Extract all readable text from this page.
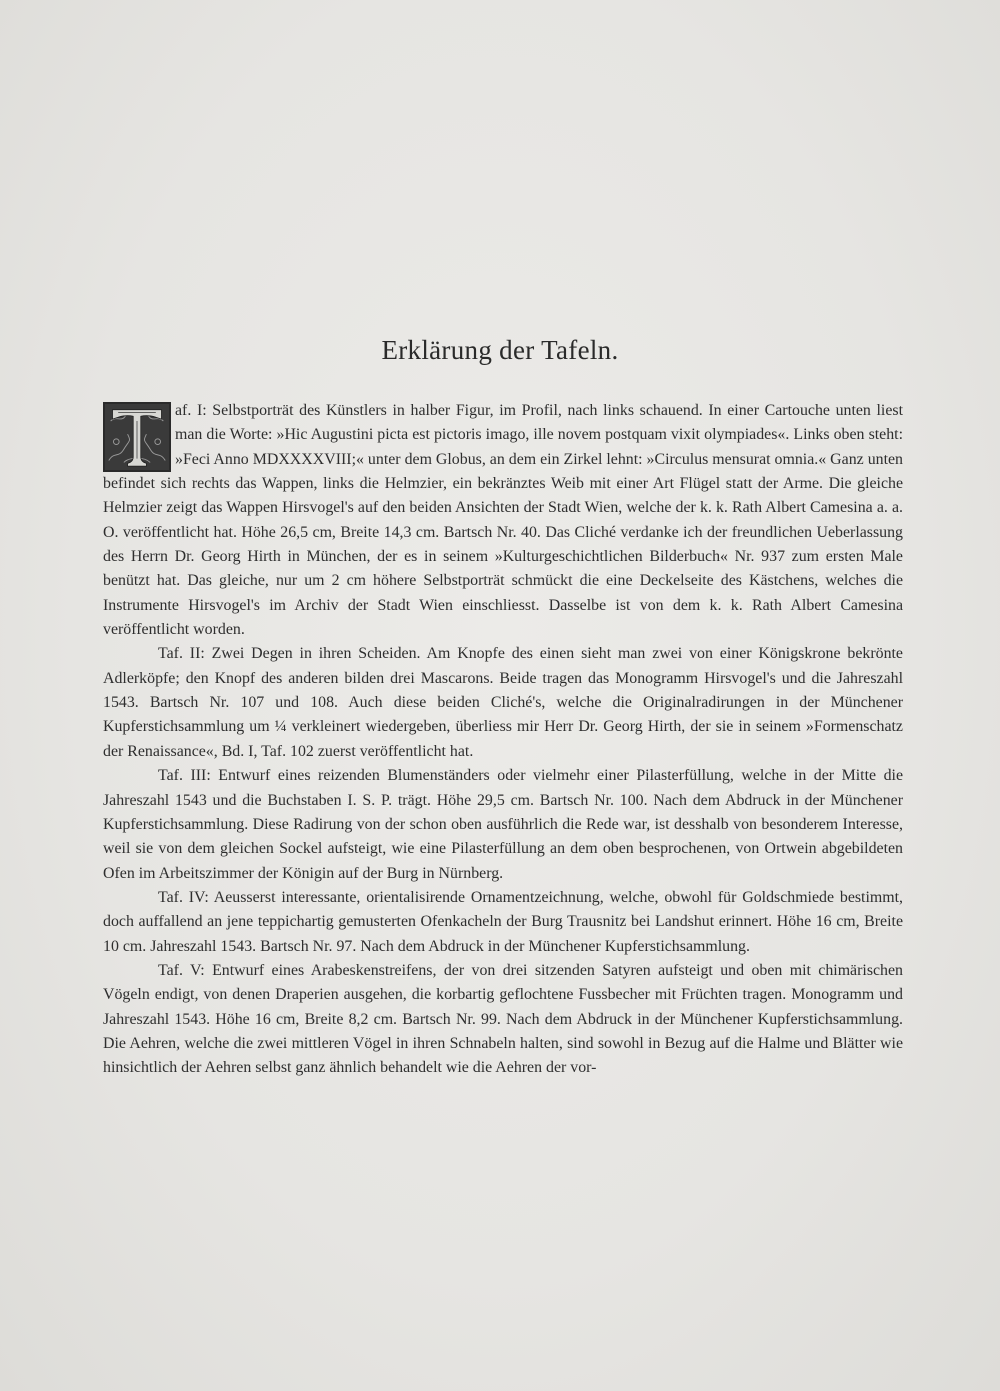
Erklärung der Tafeln.

af. I: Selbstporträt des Künstlers in halber Figur, im Profil, nach links schauend. In einer Cartouche unten liest man die Worte: »Hic Augustini picta est pictoris imago, ille novem postquam vixit olympiades«. Links oben steht: »Feci Anno MDXXXXVIII;« unter dem Globus, an dem ein Zirkel lehnt: »Circulus mensurat omnia.« Ganz unten befindet sich rechts das Wappen, links die Helmzier, ein bekränztes Weib mit einer Art Flügel statt der Arme. Die gleiche Helmzier zeigt das Wappen Hirsvogel's auf den beiden Ansichten der Stadt Wien, welche der k. k. Rath Albert Camesina a. a. O. veröffentlicht hat. Höhe 26,5 cm, Breite 14,3 cm. Bartsch Nr. 40. Das Cliché verdanke ich der freundlichen Ueberlassung des Herrn Dr. Georg Hirth in München, der es in seinem »Kulturgeschichtlichen Bilderbuch« Nr. 937 zum ersten Male benützt hat. Das gleiche, nur um 2 cm höhere Selbstporträt schmückt die eine Deckelseite des Kästchens, welches die Instrumente Hirsvogel's im Archiv der Stadt Wien einschliesst. Dasselbe ist von dem k. k. Rath Albert Camesina veröffentlicht worden.

Taf. II: Zwei Degen in ihren Scheiden. Am Knopfe des einen sieht man zwei von einer Königskrone bekrönte Adlerköpfe; den Knopf des anderen bilden drei Mascarons. Beide tragen das Monogramm Hirsvogel's und die Jahreszahl 1543. Bartsch Nr. 107 und 108. Auch diese beiden Cliché's, welche die Originalradirungen in der Münchener Kupferstichsammlung um ¼ verkleinert wiedergeben, überliess mir Herr Dr. Georg Hirth, der sie in seinem »Formenschatz der Renaissance«, Bd. I, Taf. 102 zuerst veröffentlicht hat.

Taf. III: Entwurf eines reizenden Blumenständers oder vielmehr einer Pilasterfüllung, welche in der Mitte die Jahreszahl 1543 und die Buchstaben I. S. P. trägt. Höhe 29,5 cm. Bartsch Nr. 100. Nach dem Abdruck in der Münchener Kupferstichsammlung. Diese Radirung von der schon oben ausführlich die Rede war, ist desshalb von besonderem Interesse, weil sie von dem gleichen Sockel aufsteigt, wie eine Pilasterfüllung an dem oben besprochenen, von Ortwein abgebildeten Ofen im Arbeitszimmer der Königin auf der Burg in Nürnberg.

Taf. IV: Aeusserst interessante, orientalisirende Ornamentzeichnung, welche, obwohl für Goldschmiede bestimmt, doch auffallend an jene teppichartig gemusterten Ofenkacheln der Burg Trausnitz bei Landshut erinnert. Höhe 16 cm, Breite 10 cm. Jahreszahl 1543. Bartsch Nr. 97. Nach dem Abdruck in der Münchener Kupferstichsammlung.

Taf. V: Entwurf eines Arabeskenstreifens, der von drei sitzenden Satyren aufsteigt und oben mit chimärischen Vögeln endigt, von denen Draperien ausgehen, die korbartig geflochtene Fussbecher mit Früchten tragen. Monogramm und Jahreszahl 1543. Höhe 16 cm, Breite 8,2 cm. Bartsch Nr. 99. Nach dem Abdruck in der Münchener Kupferstichsammlung. Die Aehren, welche die zwei mittleren Vögel in ihren Schnabeln halten, sind sowohl in Bezug auf die Halme und Blätter wie hinsichtlich der Aehren selbst ganz ähnlich behandelt wie die Aehren der vor-
